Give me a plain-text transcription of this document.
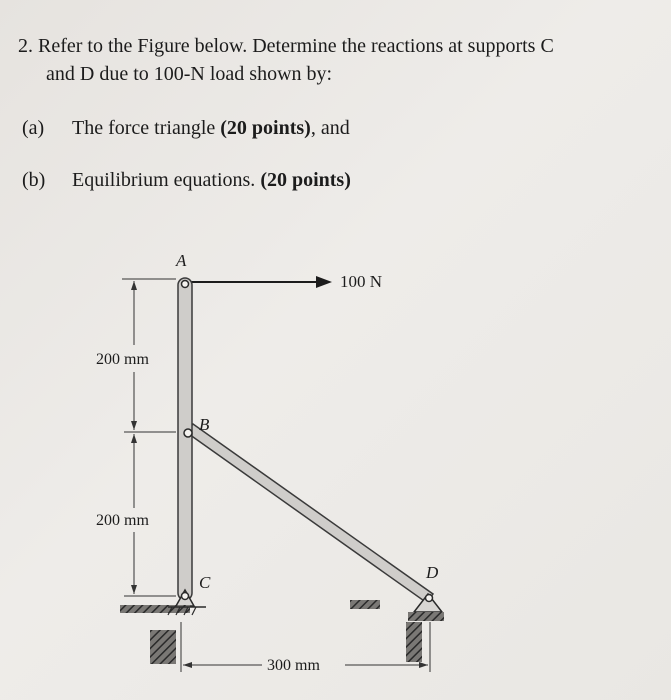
2. Refer to the Figure below. Determine the reactions at supports C
and D due to 100-N load shown by:
(a) The force triangle (20 points), and
(b) Equilibrium equations. (20 points)
100 N
200 mm
200 mm
300 mm
A
B
C
D
